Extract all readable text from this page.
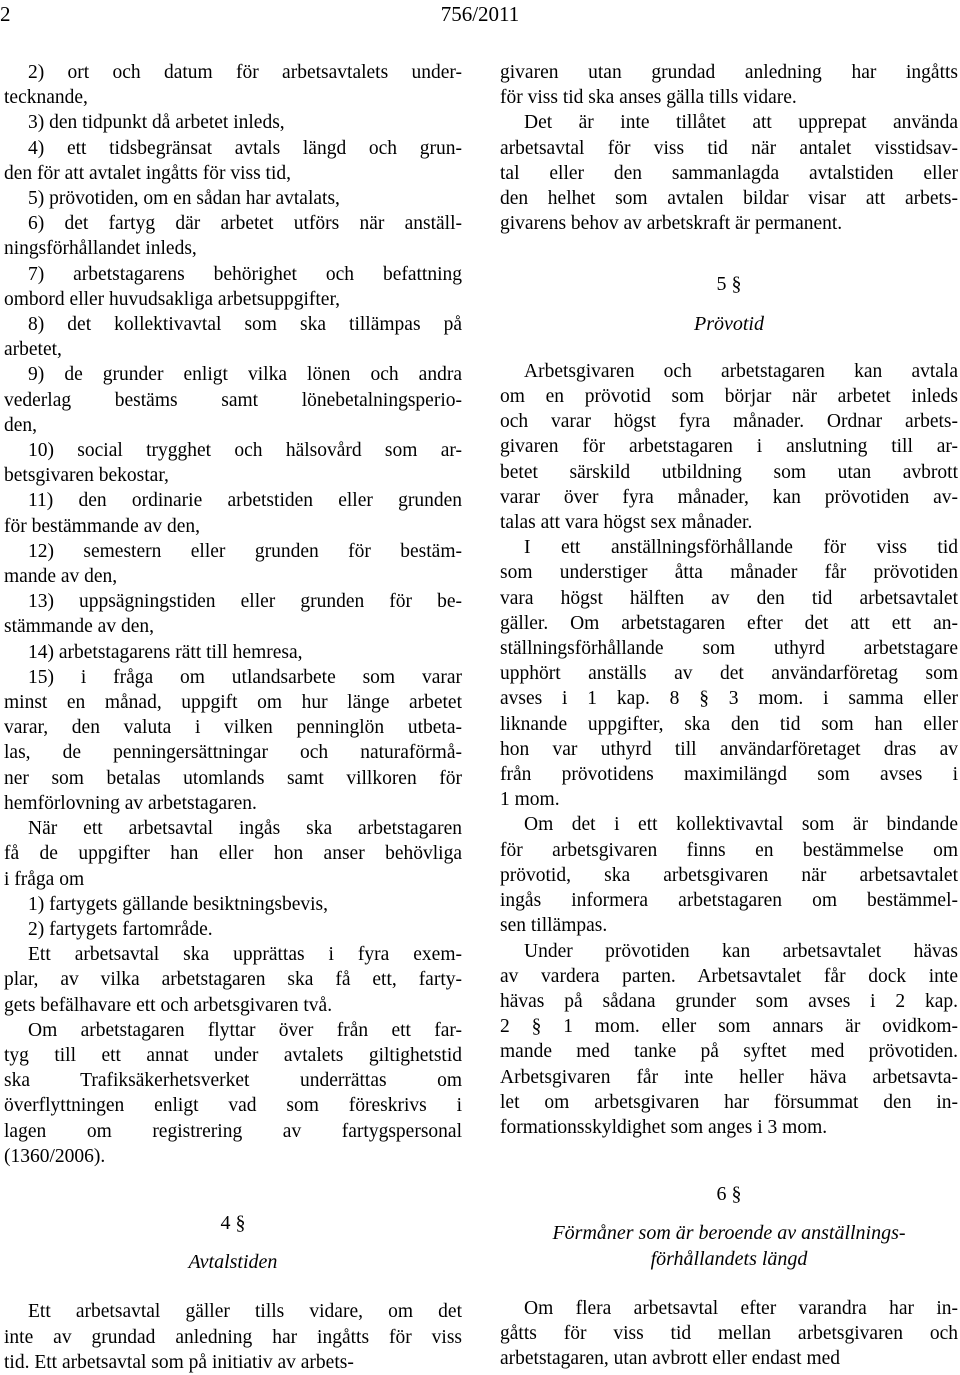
2	756/2011
2) ort och datum för arbetsavtalets under-
tecknande,
3) den tidpunkt då arbetet inleds,
4) ett tidsbegränsat avtals längd och grun-
den för att avtalet ingåtts för viss tid,
5) prövotiden, om en sådan har avtalats,
6) det fartyg där arbetet utförs när anställ-
ningsförhållandet inleds,
7) arbetstagarens behörighet och befattning
ombord eller huvudsakliga arbetsuppgifter,
8) det kollektivavtal som ska tillämpas på
arbetet,
9) de grunder enligt vilka lönen och andra
vederlag bestäms samt lönebetalningsperio-
den,
10) social trygghet och hälsovård som ar-
betsgivaren bekostar,
11) den ordinarie arbetstiden eller grunden
för bestämmande av den,
12) semestern eller grunden för bestäm-
mande av den,
13) uppsägningstiden eller grunden för be-
stämmande av den,
14) arbetstagarens rätt till hemresa,
15) i fråga om utlandsarbete som varar
minst en månad, uppgift om hur länge arbetet
varar, den valuta i vilken penninglön utbeta-
las, de penningersättningar och naturaförmå-
ner som betalas utomlands samt villkoren för
hemförlovning av arbetstagaren.

När ett arbetsavtal ingås ska arbetstagaren
få de uppgifter han eller hon anser behövliga
i fråga om

1) fartygets gällande besiktningsbevis,
2) fartygets fartområde.

Ett arbetsavtal ska upprättas i fyra exem-
plar, av vilka arbetstagaren ska få ett, farty-
gets befälhavare ett och arbetsgivaren två.

Om arbetstagaren flyttar över från ett far-
tyg till ett annat under avtalets giltighetstid
ska Trafiksäkerhetsverket underrättas om
överflyttningen enligt vad som föreskrivs i
lagen om registrering av fartygspersonal
(1360/2006).

4 §

Avtalstiden

Ett arbetsavtal gäller tills vidare, om det
inte av grundad anledning har ingåtts för viss
tid. Ett arbetsavtal som på initiativ av arbets-

givaren utan grundad anledning har ingåtts
för viss tid ska anses gälla tills vidare.

Det är inte tillåtet att upprepat använda
arbetsavtal för viss tid när antalet visstidsav-
tal eller den sammanlagda avtalstiden eller
den helhet som avtalen bildar visar att arbets-
givarens behov av arbetskraft är permanent.

5 §

Prövotid

Arbetsgivaren och arbetstagaren kan avtala
om en prövotid som börjar när arbetet inleds
och varar högst fyra månader. Ordnar arbets-
givaren för arbetstagaren i anslutning till ar-
betet särskild utbildning som utan avbrott
varar över fyra månader, kan prövotiden av-
talas att vara högst sex månader.

I ett anställningsförhållande för viss tid
som understiger åtta månader får prövotiden
vara högst hälften av den tid arbetsavtalet
gäller. Om arbetstagaren efter det att ett an-
ställningsförhållande som uthyrd arbetstagare
upphört anställs av det användarföretag som
avses i 1 kap. 8 § 3 mom. i samma eller
liknande uppgifter, ska den tid som han eller
hon var uthyrd till användarföretaget dras av
från prövotidens maximilängd som avses i
1 mom.

Om det i ett kollektivavtal som är bindande
för arbetsgivaren finns en bestämmelse om
prövotid, ska arbetsgivaren när arbetsavtalet
ingås informera arbetstagaren om bestämmel-
sen tillämpas.

Under prövotiden kan arbetsavtalet hävas
av vardera parten. Arbetsavtalet får dock inte
hävas på sådana grunder som avses i 2 kap.
2 § 1 mom. eller som annars är ovidkom-
mande med tanke på syftet med prövotiden.
Arbetsgivaren får inte heller häva arbetsavta-
let om arbetsgivaren har försummat den in-
formationsskyldighet som anges i 3 mom.

6 §

Förmåner som är beroende av anställnings-
förhållandets längd

Om flera arbetsavtal efter varandra har in-
gåtts för viss tid mellan arbetsgivaren och
arbetstagaren, utan avbrott eller endast med
